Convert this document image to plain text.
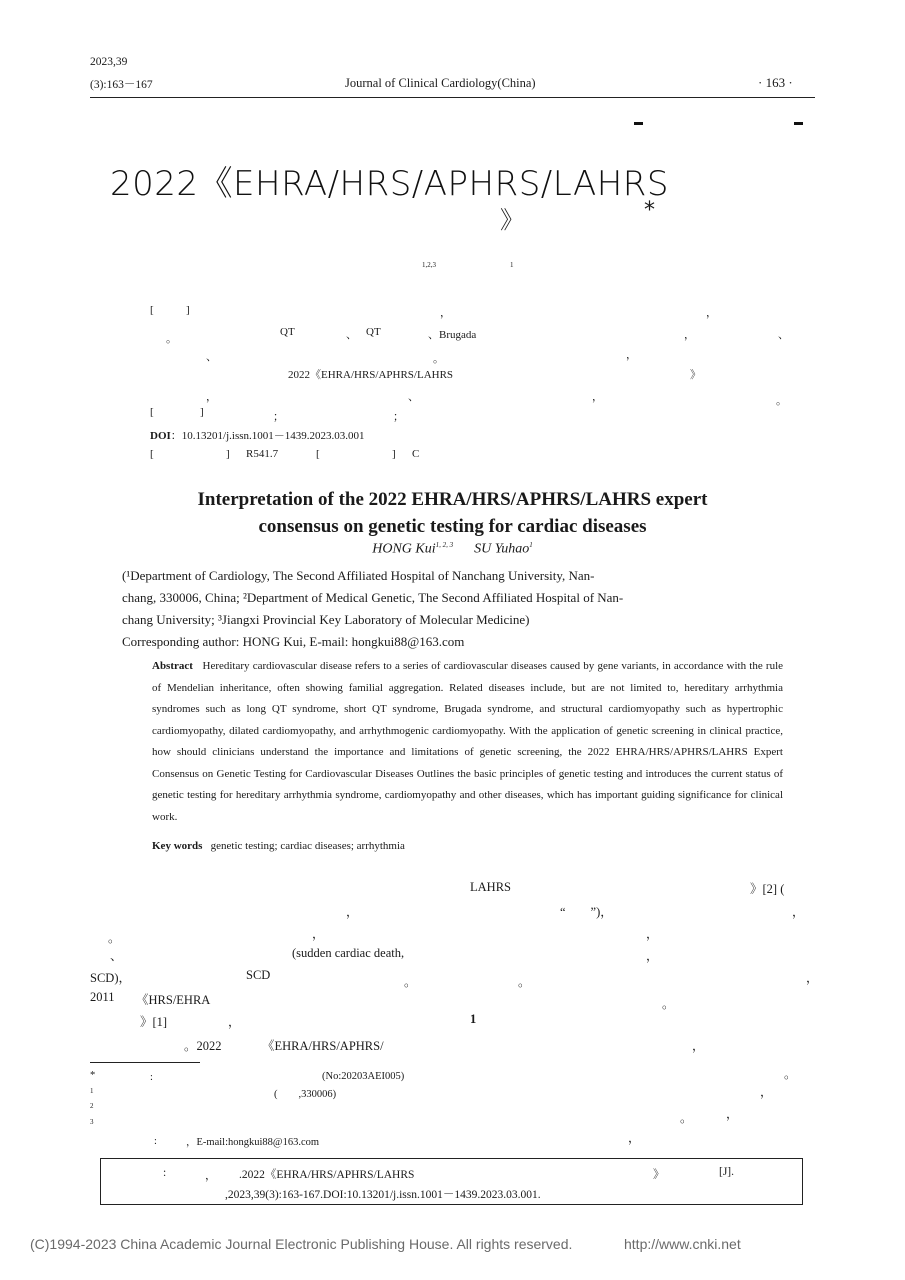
2023,39
(3):163－167	Journal of Clinical Cardiology(China)	· 163 ·
2022《EHRA/HRS/APHRS/LAHRS
》	*
1,2,3	1
[	]	，	，
。
QT	、 QT	、Brugada	，	、
、	。	，
2022《EHRA/HRS/APHRS/LAHRS	》
，	、	，	。
[	]	；	；
DOI：10.13201/j.issn.1001－1439.2023.03.001
[	] R541.7	[	] C
Interpretation of the 2022 EHRA/HRS/APHRS/LAHRS expert
consensus on genetic testing for cardiac diseases
HONG Kui$^{1, 2, 3}$ SU Yuhao$^1$
(¹Department of Cardiology, The Second Affiliated Hospital of Nanchang University, Nan-
chang, 330006, China; ²Department of Medical Genetic, The Second Affiliated Hospital of Nan-
chang University; ³Jiangxi Provincial Key Laboratory of Molecular Medicine)
Corresponding author: HONG Kui, E-mail: hongkui88@163.com
Abstract Hereditary cardiovascular disease refers to a series of cardiovascular diseases caused by gene variants, in accordance with the rule of Mendelian inheritance, often showing familial aggregation. Related diseases include, but are not limited to, hereditary arrhythmia syndromes such as long QT syndrome, short QT syndrome, Brugada syndrome, and structural cardiomyopathy such as hypertrophic cardiomyopathy, dilated cardiomyopathy, and arrhythmogenic cardiomyopathy. With the application of genetic screening in clinical practice, how should clinicians understand the importance and limitations of genetic screening, the 2022 EHRA/HRS/APHRS/LAHRS Expert Consensus on Genetic Testing for Cardiovascular Diseases Outlines the basic principles of genetic testing and introduces the current status of genetic testing for hereditary arrhythmia syndrome, cardiomyopathy and other diseases, which has important guiding significance for clinical work.
Key words genetic testing; cardiac diseases; arrhythmia
LAHRS	》[2] (
，	“　　”)，	，
。	，	，
、	(sudden cardiac death,	，
SCD)，	SCD	。	。	，
2011 《HRS/EHRA	。
》[1]	，	1
。2022	《EHRA/HRS/APHRS/	，
。
，
。	，
，
*	:	(No:20203AEI005)
1	(　　,330006)
2
3
:	，E-mail:hongkui88@163.com
:	， .2022《EHRA/HRS/APHRS/LAHRS	》	[J].
,2023,39(3):163-167.DOI:10.13201/j.issn.1001－1439.2023.03.001.
(C)1994-2023 China Academic Journal Electronic Publishing House. All rights reserved.	http://www.cnki.net
